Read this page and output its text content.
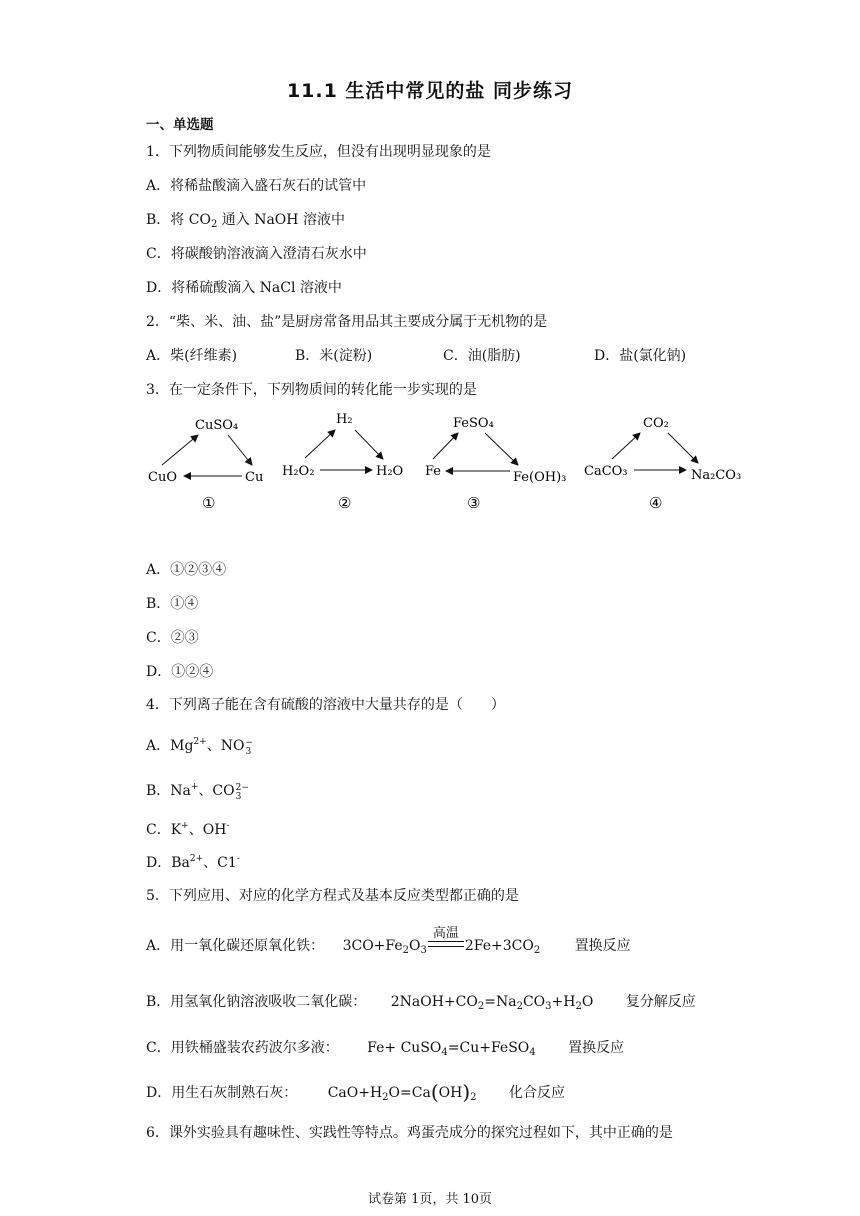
11.1 生活中常见的盐 同步练习
一、单选题
1．下列物质间能够发生反应，但没有出现明显现象的是
A．将稀盐酸滴入盛石灰石的试管中
B．将 $CO_2$ 通入 NaOH 溶液中
C．将碳酸钠溶液滴入澄清石灰水中
D．将稀硫酸滴入 NaCl 溶液中
2．“柴、米、油、盐”是厨房常备用品其主要成分属于无机物的是
A．柴(纤维素)	B．米(淀粉)	C．油(脂肪)	D．盐(氯化钠)
3．在一定条件下，下列物质间的转化能一步实现的是
CuSO₄
CuO	Cu
①
H₂
H₂O₂	H₂O
②
FeSO₄
Fe	Fe(OH)₃
③
CO₂
CaCO₃	Na₂CO₃
④
A．①②③④
B．①④
C．②③
D．①②④
4．下列离子能在含有硫酸的溶液中大量共存的是（　　）
A．$Mg^{2+}$、NO −
3
B．Na+、CO 2−
3
C．K+、OH-
D．$Ba^{2+}$、C1-
5．下列应用、对应的化学方程式及基本反应类型都正确的是
A．用一氧化碳还原氧化铁： $3CO+Fe_2O_3$
高温
$2Fe+3CO_2$ 置换反应
B．用氢氧化钠溶液吸收二氧化碳： $2NaOH+CO_2=Na_2CO_3+H_2O$ 复分解反应
C．用铁桶盛装农药波尔多液： Fe+ CuSO$_4$=Cu+FeSO$_4$ 置换反应
D．用生石灰制熟石灰： $CaO+H_2O=Ca(OH)_2$ 化合反应
6．课外实验具有趣味性、实践性等特点。鸡蛋壳成分的探究过程如下，其中正确的是
试卷第 1页，共 10页
